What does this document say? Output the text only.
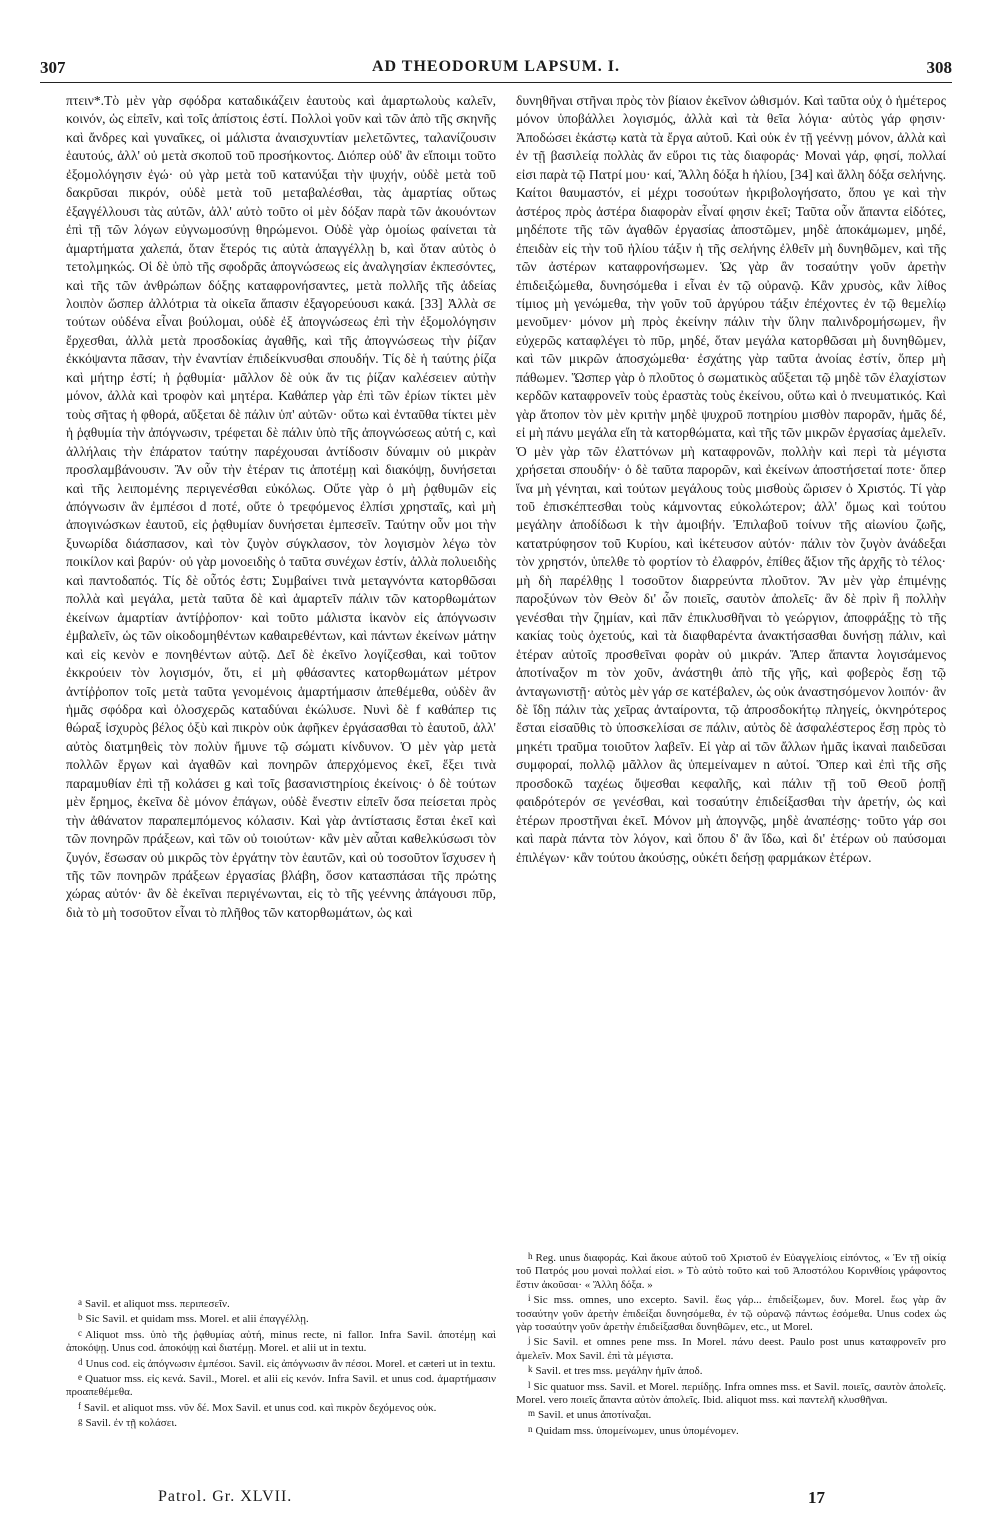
307	AD THEODORUM LAPSUM. I.	308

πτειν*.Τὸ μὲν γὰρ σφόδρα καταδικάζειν ἑαυτοὺς καὶ ἁμαρτωλοὺς καλεῖν, κοινόν, ὡς εἰπεῖν, καὶ τοῖς ἀπίστοις ἐστί. Πολλοὶ γοῦν καὶ τῶν ἀπὸ τῆς σκηνῆς καὶ ἄνδρες καὶ γυναῖκες, οἱ μάλιστα ἀναισχυντίαν μελετῶντες, ταλανίζουσιν ἑαυτούς, ἀλλ' οὐ μετὰ σκοποῦ τοῦ προσήκοντος. Διόπερ οὐδ' ἂν εἴποιμι τοῦτο ἐξομολόγησιν ἐγώ· οὐ γὰρ μετὰ τοῦ κατανύξαι τὴν ψυχήν, οὐδὲ μετὰ τοῦ δακρῦσαι πικρόν, οὐδὲ μετὰ τοῦ μεταβαλέσθαι, τὰς ἁμαρτίας οὕτως ἐξαγγέλλουσι τὰς αὐτῶν, ἀλλ' αὐτὸ τοῦτο οἱ μὲν δόξαν παρὰ τῶν ἀκουόντων ἐπὶ τῇ τῶν λόγων εὐγνωμοσύνῃ θηρώμενοι. Οὐδὲ γὰρ ὁμοίως φαίνεται τὰ ἁμαρτήματα χαλεπά, ὅταν ἕτερός τις αὐτὰ ἀπαγγέλλῃ b, καὶ ὅταν αὐτὸς ὁ τετολμηκώς. Οἱ δὲ ὑπὸ τῆς σφοδρᾶς ἀπογνώσεως εἰς ἀναλγησίαν ἐκπεσόντες, καὶ τῆς τῶν ἀνθρώπων δόξης καταφρονήσαντες, μετὰ πολλῆς τῆς ἀδείας λοιπὸν ὥσπερ ἀλλότρια τὰ οἰκεῖα ἅπασιν ἐξαγορεύουσι κακά. [33] Ἀλλὰ σε τούτων οὐδένα εἶναι βούλομαι, οὐδὲ ἐξ ἀπογνώσεως ἐπὶ τὴν ἐξομολόγησιν ἔρχεσθαι, ἀλλὰ μετὰ προσδοκίας ἀγαθῆς, καὶ τῆς ἀπογνώσεως τὴν ῥίζαν ἐκκόψαντα πᾶσαν, τὴν ἐναντίαν ἐπιδείκνυσθαι σπουδήν. Τίς δὲ ἡ ταύτης ῥίζα καὶ μήτηρ ἐστί; ἡ ῥᾳθυμία· μᾶλλον δὲ οὐκ ἄν τις ῥίζαν καλέσειεν αὐτὴν μόνον, ἀλλὰ καὶ τροφὸν καὶ μητέρα. Καθάπερ γὰρ ἐπὶ τῶν ἐρίων τίκτει μὲν τοὺς σῆτας ἡ φθορά, αὔξεται δὲ πάλιν ὑπ' αὐτῶν· οὕτω καὶ ἐνταῦθα τίκτει μὲν ἡ ῥᾳθυμία τὴν ἀπόγνωσιν, τρέφεται δὲ πάλιν ὑπὸ τῆς ἀπογνώσεως αὐτή c, καὶ ἀλλήλαις τὴν ἐπάρατον ταύτην παρέχουσαι ἀντίδοσιν δύναμιν οὐ μικρὰν προσλαμβάνουσιν. Ἂν οὖν τὴν ἑτέραν τις ἀποτέμῃ καὶ διακόψῃ, δυνήσεται καὶ τῆς λειπομένης περιγενέσθαι εὐκόλως. Οὔτε γὰρ ὁ μὴ ῥᾳθυμῶν εἰς ἀπόγνωσιν ἂν ἐμπέσοι d ποτέ, οὔτε ὁ τρεφόμενος ἐλπίσι χρησταῖς, καὶ μὴ ἀπογινώσκων ἑαυτοῦ, εἰς ῥᾳθυμίαν δυνήσεται ἐμπεσεῖν. Ταύτην οὖν μοι τὴν ξυνωρίδα διάσπασον, καὶ τὸν ζυγὸν σύγκλασον, τὸν λογισμὸν λέγω τὸν ποικίλον καὶ βαρύν· οὐ γὰρ μονοειδὴς ὁ ταῦτα συνέχων ἐστίν, ἀλλὰ πολυειδὴς καὶ παντοδαπός. Τίς δὲ οὗτός ἐστι; Συμβαίνει τινὰ μεταγνόντα κατορθῶσαι πολλὰ καὶ μεγάλα, μετὰ ταῦτα δὲ καὶ ἁμαρτεῖν πάλιν τῶν κατορθωμάτων ἐκείνων ἁμαρτίαν ἀντίῤῥοπον· καὶ τοῦτο μάλιστα ἱκανὸν εἰς ἀπόγνωσιν ἐμβαλεῖν, ὡς τῶν οἰκοδομηθέντων καθαιρεθέντων, καὶ πάντων ἐκείνων μάτην καὶ εἰς κενὸν e πονηθέντων αὐτῷ. Δεῖ δὲ ἐκεῖνο λογίζεσθαι, καὶ τοῦτον ἐκκρούειν τὸν λογισμόν, ὅτι, εἰ μὴ φθάσαντες κατορθωμάτων μέτρον ἀντίῤῥοπον τοῖς μετὰ ταῦτα γενομένοις ἁμαρτήμασιν ἀπεθέμεθα, οὐδὲν ἂν ἡμᾶς σφόδρα καὶ ὁλοσχερῶς καταδύναι ἐκώλυσε. Νυνὶ δὲ f καθάπερ τις θώραξ ἰσχυρὸς βέλος ὀξὺ καὶ πικρὸν οὐκ ἀφῆκεν ἐργάσασθαι τὸ ἑαυτοῦ, ἀλλ' αὐτὸς διατμηθεὶς τὸν πολὺν ἤμυνε τῷ σώματι κίνδυνον. Ὁ μὲν γὰρ μετὰ πολλῶν ἔργων καὶ ἀγαθῶν καὶ πονηρῶν ἀπερχόμενος ἐκεῖ, ἕξει τινὰ παραμυθίαν ἐπὶ τῇ κολάσει g καὶ τοῖς βασανιστηρίοις ἐκείνοις· ὁ δὲ τούτων μὲν ἔρημος, ἐκεῖνα δὲ μόνον ἐπάγων, οὐδὲ ἔνεστιν εἰπεῖν ὅσα πείσεται πρὸς τὴν ἀθάνατον παραπεμπόμενος κόλασιν. Καὶ γὰρ ἀντίστασις ἔσται ἐκεῖ καὶ τῶν πονηρῶν πράξεων, καὶ τῶν οὐ τοιούτων· κἂν μὲν αὗται καθελκύσωσι τὸν ζυγόν, ἔσωσαν οὐ μικρῶς τὸν ἐργάτην τὸν ἑαυτῶν, καὶ οὐ τοσοῦτον ἴσχυσεν ἡ τῆς τῶν πονηρῶν πράξεων ἐργασίας βλάβη, ὅσον κατασπάσαι τῆς πρώτης χώρας αὐτόν· ἂν δὲ ἐκεῖναι περιγένωνται, εἰς τὸ τῆς γεέννης ἀπάγουσι πῦρ, διὰ τὸ μὴ τοσοῦτον εἶναι τὸ πλῆθος τῶν κατορθωμάτων, ὡς καὶ

δυνηθῆναι στῆναι πρὸς τὸν βίαιον ἐκεῖνον ὠθισμόν. Καὶ ταῦτα οὐχ ὁ ἡμέτερος μόνον ὑποβάλλει λογισμός, ἀλλὰ καὶ τὰ θεῖα λόγια· αὐτὸς γάρ φησιν· Ἀποδώσει ἑκάστῳ κατὰ τὰ ἔργα αὐτοῦ. Καὶ οὐκ ἐν τῇ γεέννῃ μόνον, ἀλλὰ καὶ ἐν τῇ βασιλείᾳ πολλὰς ἄν εὕροι τις τὰς διαφοράς· Μοναὶ γάρ, φησί, πολλαί εἰσι παρὰ τῷ Πατρί μου· καί, Ἄλλη δόξα h ἡλίου, [34] καὶ ἄλλη δόξα σελήνης. Καίτοι θαυμαστόν, εἰ μέχρι τοσούτων ἠκριβολογήσατο, ὅπου γε καὶ τὴν ἀστέρος πρὸς ἀστέρα διαφορὰν εἶναί φησιν ἐκεῖ; Ταῦτα οὖν ἅπαντα εἰδότες, μηδέποτε τῆς τῶν ἀγαθῶν ἐργασίας ἀποστῶμεν, μηδὲ ἀποκάμωμεν, μηδέ, ἐπειδὰν εἰς τὴν τοῦ ἡλίου τάξιν ἡ τῆς σελήνης ἐλθεῖν μὴ δυνηθῶμεν, καὶ τῆς τῶν ἀστέρων καταφρονήσωμεν. Ὡς γὰρ ἂν τοσαύτην γοῦν ἀρετὴν ἐπιδειξώμεθα, δυνησόμεθα i εἶναι ἐν τῷ οὐρανῷ. Κἂν χρυσὸς, κἂν λίθος τίμιος μὴ γενώμεθα, τὴν γοῦν τοῦ ἀργύρου τάξιν ἐπέχοντες ἐν τῷ θεμελίῳ μενοῦμεν· μόνον μὴ πρὸς ἐκείνην πάλιν τὴν ὕλην παλινδρομήσωμεν, ἣν εὐχερῶς καταφλέγει τὸ πῦρ, μηδέ, ὅταν μεγάλα κατορθῶσαι μὴ δυνηθῶμεν, καὶ τῶν μικρῶν ἀποσχώμεθα· ἐσχάτης γὰρ ταῦτα ἀνοίας ἐστίν, ὅπερ μὴ πάθωμεν. Ὥσπερ γὰρ ὁ πλοῦτος ὁ σωματικὸς αὔξεται τῷ μηδὲ τῶν ἐλαχίστων κερδῶν καταφρονεῖν τοὺς ἐραστὰς τοὺς ἐκείνου, οὕτω καὶ ὁ πνευματικός. Καὶ γὰρ ἄτοπον τὸν μὲν κριτὴν μηδὲ ψυχροῦ ποτηρίου μισθὸν παρορᾶν, ἡμᾶς δέ, εἰ μὴ πάνυ μεγάλα εἴη τὰ κατορθώματα, καὶ τῆς τῶν μικρῶν ἐργασίας ἀμελεῖν. Ὁ μὲν γὰρ τῶν ἐλαττόνων μὴ καταφρονῶν, πολλὴν καὶ περὶ τὰ μέγιστα χρήσεται σπουδήν· ὁ δὲ ταῦτα παρορῶν, καὶ ἐκείνων ἀποστήσεταί ποτε· ὅπερ ἵνα μὴ γένηται, καὶ τούτων μεγάλους τοὺς μισθοὺς ὥρισεν ὁ Χριστός. Τί γὰρ τοῦ ἐπισκέπτεσθαι τοὺς κάμνοντας εὐκολώτερον; ἀλλ' ὅμως καὶ τούτου μεγάλην ἀποδίδωσι k τὴν ἀμοιβήν. Ἐπιλαβοῦ τοίνυν τῆς αἰωνίου ζωῆς, κατατρύφησον τοῦ Κυρίου, καὶ ἱκέτευσον αὐτόν· πάλιν τὸν ζυγὸν ἀνάδεξαι τὸν χρηστόν, ὑπελθε τὸ φορτίον τὸ ἐλαφρόν, ἐπίθες ἄξιον τῆς ἀρχῆς τὸ τέλος· μὴ δὴ παρέλθῃς l τοσοῦτον διαρρεύντα πλοῦτον. Ἂν μὲν γὰρ ἐπιμένῃς παροξύνων τὸν Θεὸν δι' ὧν ποιεῖς, σαυτὸν ἀπολεῖς· ἂν δὲ πρὶν ἢ πολλὴν γενέσθαι τὴν ζημίαν, καὶ πᾶν ἐπικλυσθῆναι τὸ γεώργιον, ἀποφράξῃς τὸ τῆς κακίας τοὺς ὀχετούς, καὶ τὰ διαφθαρέντα ἀνακτήσασθαι δυνήσῃ πάλιν, καὶ ἑτέραν αὐτοῖς προσθεῖναι φορὰν οὐ μικράν. Ἅπερ ἅπαντα λογισάμενος ἀποτίναξον m τὸν χοῦν, ἀνάστηθι ἀπὸ τῆς γῆς, καὶ φοβερὸς ἔσῃ τῷ ἀνταγωνιστῇ· αὐτὸς μὲν γάρ σε κατέβαλεν, ὡς οὐκ ἀναστησόμενον λοιπόν· ἂν δὲ ἴδῃ πάλιν τὰς χεῖρας ἀνταίροντα, τῷ ἀπροσδοκήτῳ πληγείς, ὀκνηρότερος ἔσται εἰσαῦθις τὸ ὑποσκελίσαι σε πάλιν, αὐτὸς δὲ ἀσφαλέστερος ἔσῃ πρὸς τὸ μηκέτι τραῦμα τοιοῦτον λαβεῖν. Εἰ γὰρ αἱ τῶν ἄλλων ἡμᾶς ἱκαναὶ παιδεῦσαι συμφοραί, πολλῷ μᾶλλον ἃς ὑπεμείναμεν n αὐτοί. Ὅπερ καὶ ἐπὶ τῆς σῆς προσδοκῶ ταχέως ὄψεσθαι κεφαλῆς, καὶ πάλιν τῇ τοῦ Θεοῦ ῥοπῇ φαιδρότερόν σε γενέσθαι, καὶ τοσαύτην ἐπιδείξασθαι τὴν ἀρετήν, ὡς καὶ ἑτέρων προστῆναι ἐκεῖ. Μόνον μὴ ἀπογνῷς, μηδὲ ἀναπέσῃς· τοῦτο γάρ σοι καὶ παρὰ πάντα τὸν λόγον, καὶ ὅπου δ' ἂν ἴδω, καὶ δι' ἑτέρων οὐ παύσομαι ἐπιλέγων· κἂν τούτου ἀκούσῃς, οὐκέτι δεήσῃ φαρμάκων ἑτέρων.

a Savil. et aliquot mss. περιπεσεῖν.

b Sic Savil. et quidam mss. Morel. et alii ἐπαγγέλλῃ.

c Aliquot mss. ὑπὸ τῆς ῥᾳθυμίας αὐτή, minus recte, ni fallor. Infra Savil. ἀποτέμῃ καὶ ἀποκόψῃ. Unus cod. ἀποκόψῃ καὶ διατέμῃ. Morel. et alii ut in textu.

d Unus cod. εἰς ἀπόγνωσιν ἐμπέσοι. Savil. εἰς ἀπόγνωσιν ἂν πέσοι. Morel. et cæteri ut in textu.

e Quatuor mss. εἰς κενά. Savil., Morel. et alii εἰς κενόν. Infra Savil. et unus cod. ἁμαρτήμασιν προαπεθέμεθα.

f Savil. et aliquot mss. νῦν δέ. Mox Savil. et unus cod. καὶ πικρὸν δεχόμενος οὐκ.

g Savil. ἐν τῇ κολάσει.

h Reg. unus διαφοράς. Καὶ ἄκουε αὐτοῦ τοῦ Χριστοῦ ἐν Εὐαγγελίοις εἰπόντος, « Ἐν τῇ οἰκίᾳ τοῦ Πατρός μου μοναὶ πολλαί εἰσι. » Τὸ αὐτὸ τοῦτο καὶ τοῦ Ἀποστόλου Κορινθίοις γράφοντος ἔστιν ἀκοῦσαι· « Ἄλλη δόξα. »

i Sic mss. omnes, uno excepto. Savil. ἕως γάρ... ἐπιδείξωμεν, δυν. Morel. ἕως γὰρ ἂν τοσαύτην γοῦν ἀρετὴν ἐπιδείξαι δυνησόμεθα, ἐν τῷ οὐρανῷ πάντως ἐσόμεθα. Unus codex ὡς γὰρ τοσαύτην γοῦν ἀρετὴν ἐπιδείξασθαι δυνηθῶμεν, etc., ut Morel.

j Sic Savil. et omnes pene mss. In Morel. πάνυ deest. Paulo post unus καταφρονεῖν pro ἀμελεῖν. Mox Savil. ἐπὶ τὰ μέγιστα.

k Savil. et tres mss. μεγάλην ἡμῖν ἀποδ.

l Sic quatuor mss. Savil. et Morel. περιίδῃς. Infra omnes mss. et Savil. ποιεῖς, σαυτὸν ἀπολεῖς. Morel. vero ποιεῖς ἅπαντα αὐτὸν ἀπολεῖς. Ibid. aliquot mss. καὶ παντελῆ κλυσθῆναι.

m Savil. et unus ἀποτίναξαι.

n Quidam mss. ὑπομείνωμεν, unus ὑπομένομεν.

Patrol. Gr. XLVII.	17
